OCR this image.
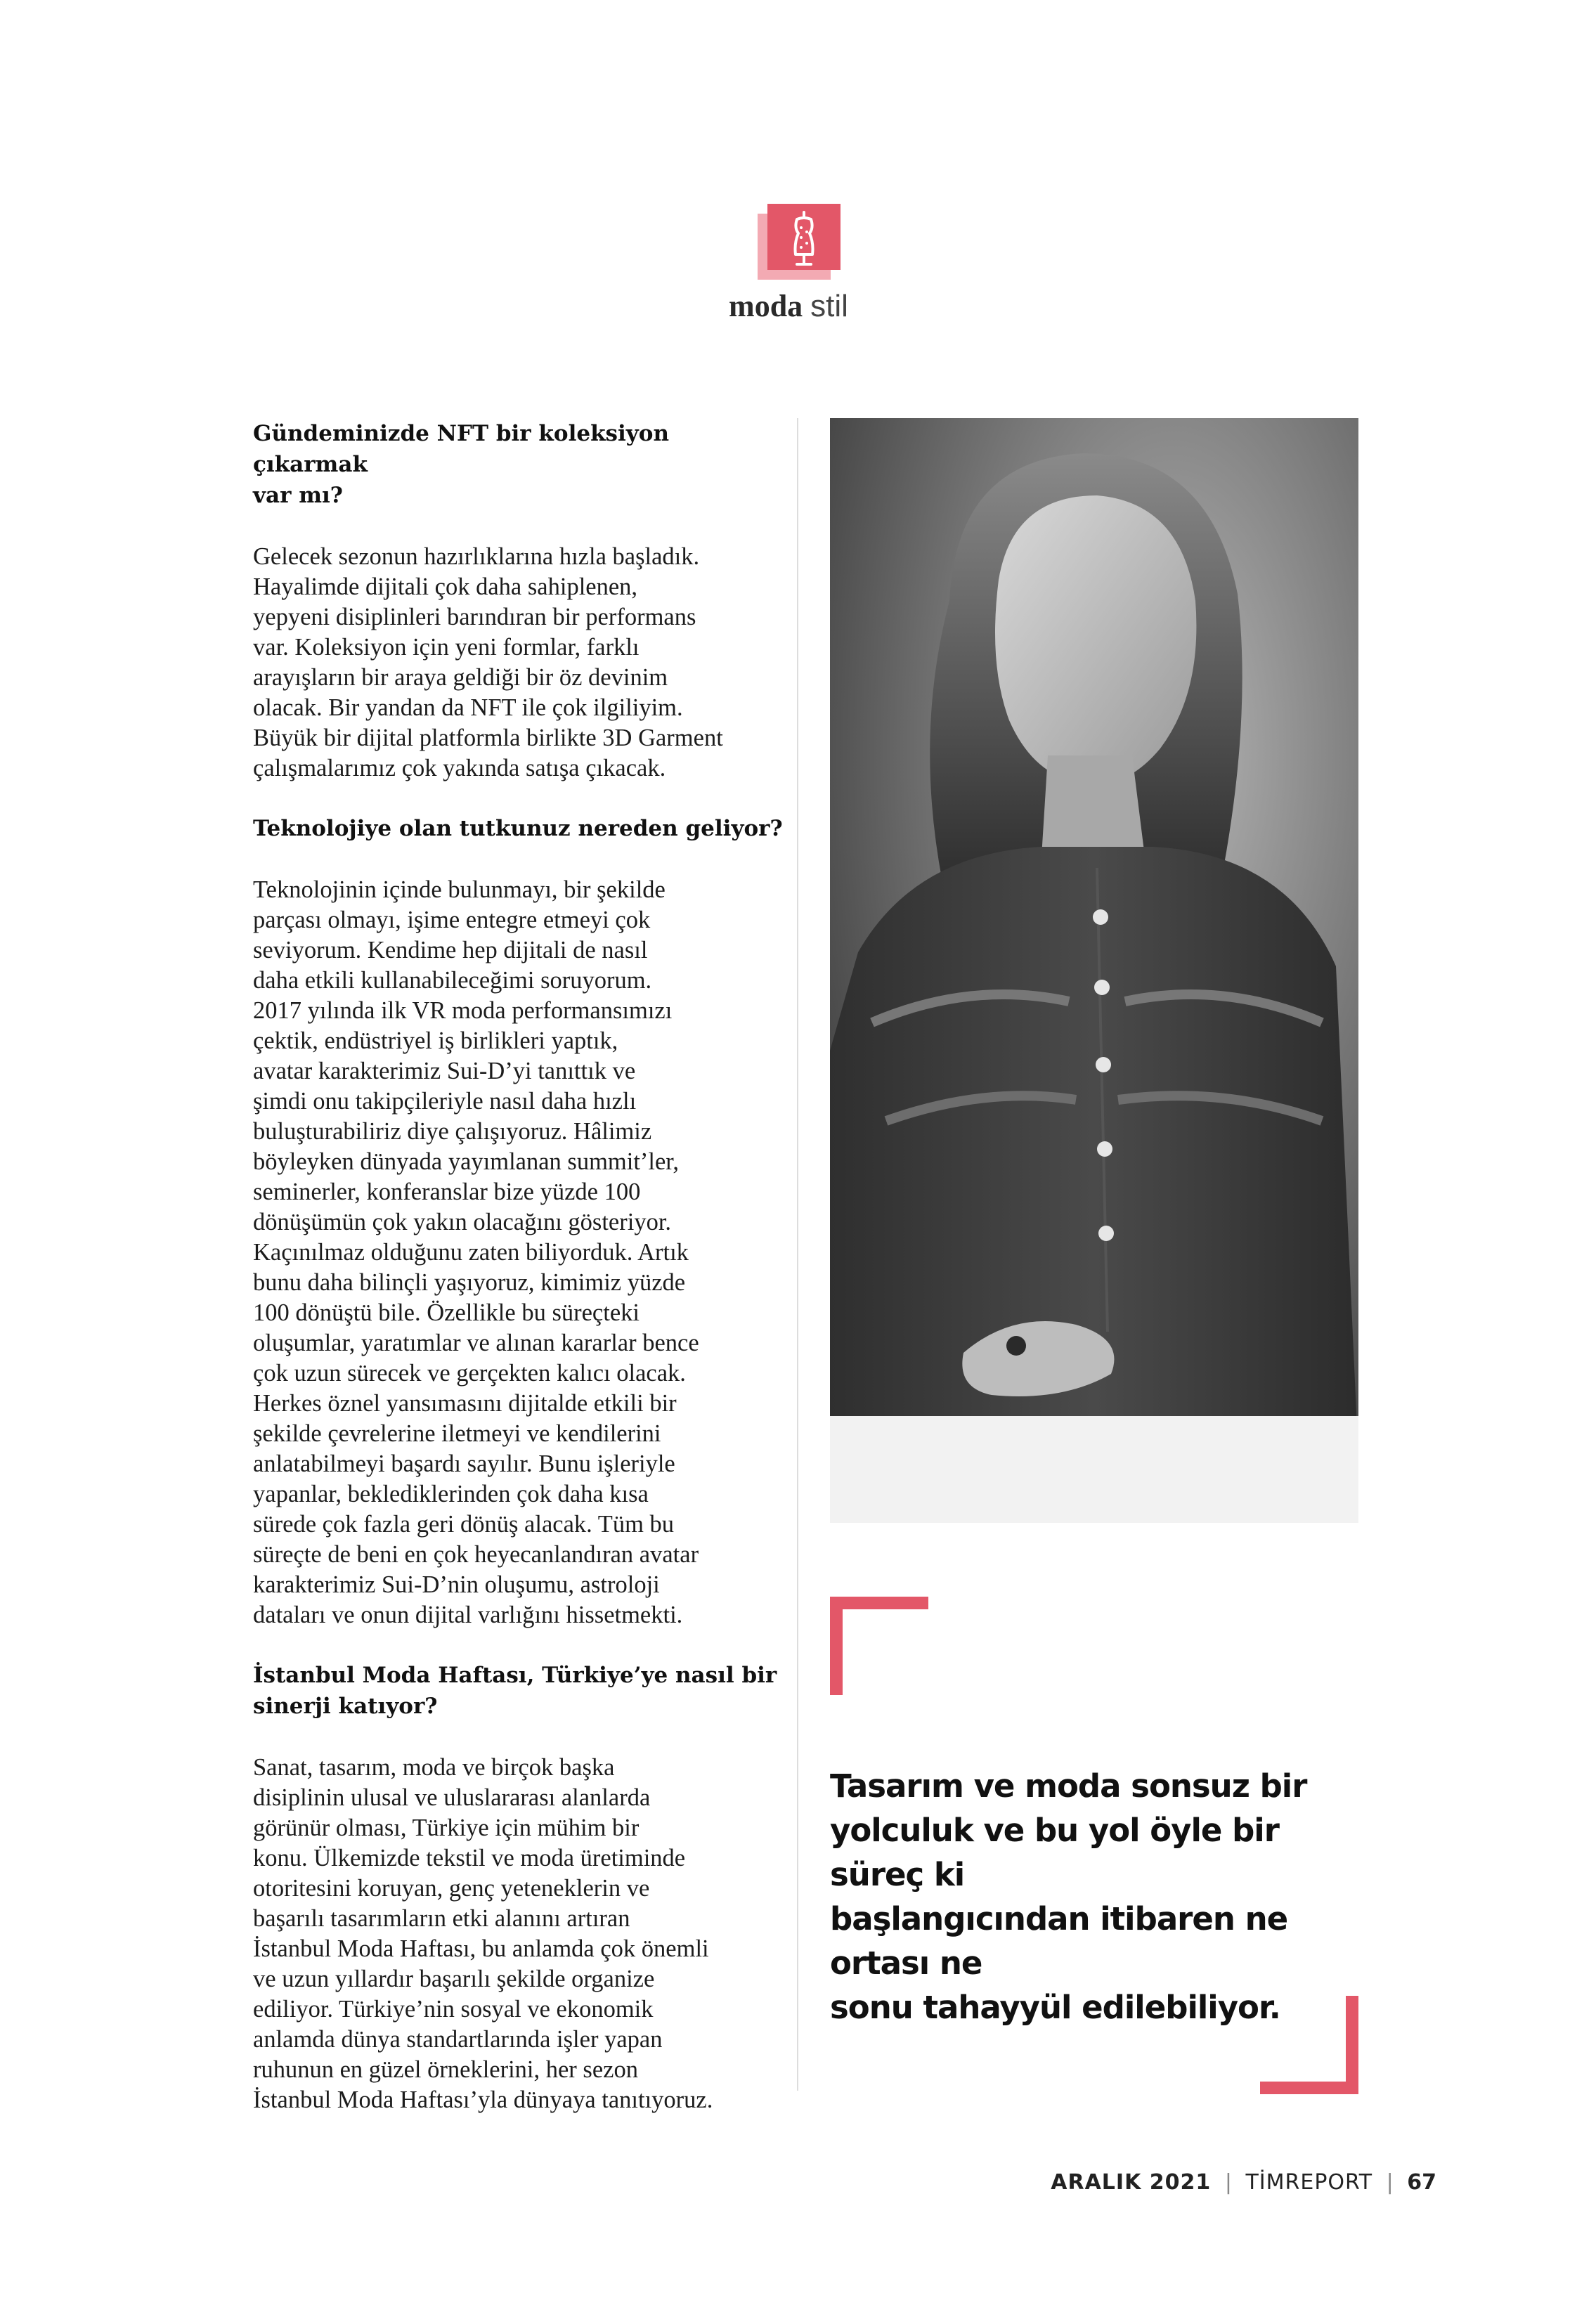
moda stil

Gündeminizde NFT bir koleksiyon çıkarmak
var mı?

Gelecek sezonun hazırlıklarına hızla başladık.
Hayalimde dijitali çok daha sahiplenen,
yepyeni disiplinleri barındıran bir performans
var. Koleksiyon için yeni formlar, farklı
arayışların bir araya geldiği bir öz devinim
olacak. Bir yandan da NFT ile çok ilgiliyim.
Büyük bir dijital platformla birlikte 3D Garment
çalışmalarımız çok yakında satışa çıkacak.

Teknolojiye olan tutkunuz nereden geliyor?

Teknolojinin içinde bulunmayı, bir şekilde
parçası olmayı, işime entegre etmeyi çok
seviyorum. Kendime hep dijitali de nasıl
daha etkili kullanabileceğimi soruyorum.
2017 yılında ilk VR moda performansımızı
çektik, endüstriyel iş birlikleri yaptık,
avatar karakterimiz Sui-D’yi tanıttık ve
şimdi onu takipçileriyle nasıl daha hızlı
buluşturabiliriz diye çalışıyoruz. Hâlimiz
böyleyken dünyada yayımlanan summit’ler,
seminerler, konferanslar bize yüzde 100
dönüşümün çok yakın olacağını gösteriyor.
Kaçınılmaz olduğunu zaten biliyorduk. Artık
bunu daha bilinçli yaşıyoruz, kimimiz yüzde
100 dönüştü bile. Özellikle bu süreçteki
oluşumlar, yaratımlar ve alınan kararlar bence
çok uzun sürecek ve gerçekten kalıcı olacak.
Herkes öznel yansımasını dijitalde etkili bir
şekilde çevrelerine iletmeyi ve kendilerini
anlatabilmeyi başardı sayılır. Bunu işleriyle
yapanlar, beklediklerinden çok daha kısa
sürede çok fazla geri dönüş alacak. Tüm bu
süreçte de beni en çok heyecanlandıran avatar
karakterimiz Sui-D’nin oluşumu, astroloji
dataları ve onun dijital varlığını hissetmekti.

İstanbul Moda Haftası, Türkiye’ye nasıl bir
sinerji katıyor?

Sanat, tasarım, moda ve birçok başka
disiplinin ulusal ve uluslararası alanlarda
görünür olması, Türkiye için mühim bir
konu. Ülkemizde tekstil ve moda üretiminde
otoritesini koruyan, genç yeteneklerin ve
başarılı tasarımların etki alanını artıran
İstanbul Moda Haftası, bu anlamda çok önemli
ve uzun yıllardır başarılı şekilde organize
ediliyor. Türkiye’nin sosyal ve ekonomik
anlamda dünya standartlarında işler yapan
ruhunun en güzel örneklerini, her sezon
İstanbul Moda Haftası’yla dünyaya tanıtıyoruz.

Tasarım ve moda sonsuz bir
yolculuk ve bu yol öyle bir süreç ki
başlangıcından itibaren ne ortası ne
sonu tahayyül edilebiliyor.
ARALIK 2021 | TİMREPORT | 67
